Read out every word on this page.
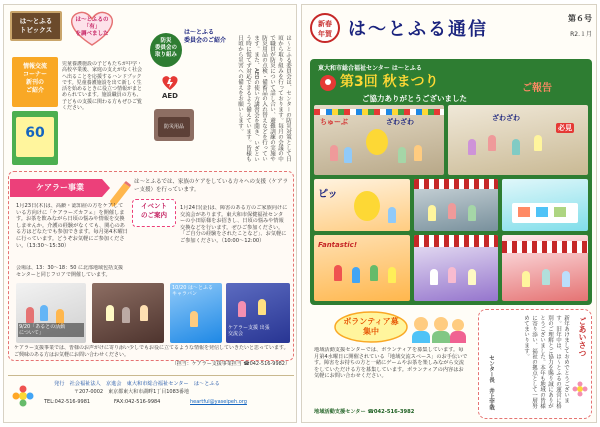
は〜とふる
トピックス
は〜とふるの「有」
を調べました
防災
委員会の
取り組み
は〜とふる
委員会のご紹介
AED
防災用品
情報交流
コーナー
新刊の
ご紹介
児童養護施設の子どもたちが中学・高校卒業後、家庭の支えがなく社会へ出ることを応援するハンドブックです。児童養護施設を出て新しく生活を始めるときに役立つ情報がまとめられています。施設職員の方も、子どもの支援に関わる方もぜひご覧ください。
60	は〜とふる委員会は、センターの防災対策として日頃から取り組みを行っております。毎月の会議の中で職員が防災について話し合い、避難訓練の実施や防災用品の点検・備蓄品の入れ替えなどを行っています。また、AEDの使い方講習会を開き、いざという時に慌てず対応できるよう備えています。皆様も日頃から災害への備えをお願いします。
ケアラー事業
は〜とふるでは、家族のケアをしている方々への支援（ケアラー支援）を行っています。
イベント
のご案内
1月23日(木)は、高齢・認知症の方をケアしている方向けに「ケアラーズカフェ」を開催します。お茶を飲みながら日頃の悩みや情報を交換しませんか。介護の経験がなくても、関心のある方はどなたでも参加できます。毎月第4木曜日に行っています。どうぞお気軽にご参加ください。（13:30〜15:30）
会場は、13：30〜18：50 に北部地域包括支援センターと同じフロアで開催しています。
1月24日(金)は、障害のある方のご家族向けに交流会があります。東大和市保健福祉センターの小田原様をお招きし、日頃の悩みや情報交換などを行います。ぜひご参加ください。「ご自分の経験をされたことなど」、お気軽にご参加ください。（10:00〜12:00）
9/20「あるとの活動
について」
10/20 は〜とふる
キャラバン
ケアラー支援 出張
交流会
ケアラー支援事業では、皆様のお声がけに寄り添い少しでもお役に立てるような情報を発信していきたいと思っています。ご興味のある方はお気軽にお問い合わせください。
（担当：ケアラー支援事業担当 ☎042-516-9982）
発行　社会福祉法人　京進会　東大和市総合福祉センター　は〜とふる
〒207-0002　東京都東大和市湖畔1丁目1083番地
TEL:042-516-9981	FAX:042-516-9984	heartful@yaseipeh.org
新春
年賀 は〜とふる通信
第６号
R2.１月
東大和市総合福祉センター は〜とふる
第3回 秋まつり	ご報告
ご協力ありがとうございました
ちゅーぶ	ざわざわ	ざわざわ
必見
ピッ
Fantastic!
ボランティア募集中
地域活動支援センターでは、ボランティアを募集しています。毎月第4水曜日に開催されている「地域交流スペース」のお手伝いです。障害をお持ちの方と一緒にゲームやお茶を楽しみながら交流をしていただける方を募集しています。ボランティアの内容はお気軽にお問い合わせください。
地域活動支援センター ☎042-516-3982
ごあいさつ
新年あけましておめでとうございます。旧年中は、は〜とふるの運営に格別のご理解とご協力を賜り誠にありがとうございました。本年も地域の皆様に寄り添い、福祉の拠点として一層努めてまいります。
センター長　井上宇哉
